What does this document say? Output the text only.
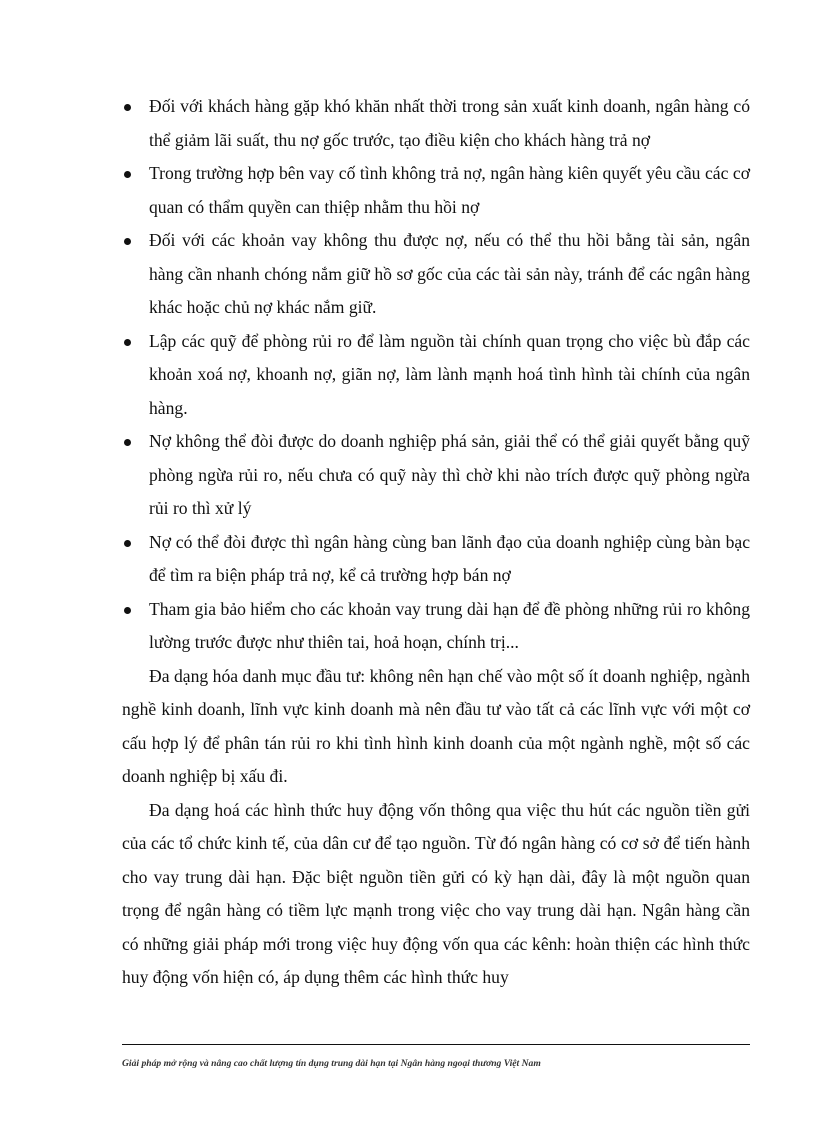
Đối với khách hàng gặp khó khăn nhất thời trong sản xuất kinh doanh, ngân hàng có thể giảm lãi suất, thu nợ gốc trước, tạo điều kiện cho khách hàng trả nợ
Trong trường hợp bên vay cố tình không trả nợ, ngân hàng kiên quyết yêu cầu các cơ quan có thẩm quyền can thiệp nhằm thu hồi nợ
Đối với các khoản vay không thu được nợ, nếu có thể thu hồi bằng tài sản, ngân hàng cần nhanh chóng nắm giữ hồ sơ gốc của các tài sản này, tránh để các ngân hàng khác hoặc chủ nợ khác nắm giữ.
Lập các quỹ để phòng rủi ro để làm nguồn tài chính quan trọng cho việc bù đắp các khoản xoá nợ, khoanh nợ, giãn nợ, làm lành mạnh hoá tình hình tài chính của ngân hàng.
Nợ không thể đòi được do doanh nghiệp phá sản, giải thể có thể giải quyết bằng quỹ phòng ngừa rủi ro, nếu chưa có quỹ này thì chờ khi nào trích được quỹ phòng ngừa rủi ro thì xử lý
Nợ có thể đòi được thì ngân hàng cùng ban lãnh đạo của doanh nghiệp cùng bàn bạc để tìm ra biện pháp trả nợ, kể cả trường hợp bán nợ
Tham gia bảo hiểm cho các khoản vay trung dài hạn để đề phòng những rủi ro không lường trước được như thiên tai, hoả hoạn, chính trị...

Đa dạng hóa danh mục đầu tư: không nên hạn chế vào một số ít doanh nghiệp, ngành nghề kinh doanh, lĩnh vực kinh doanh mà nên đầu tư vào tất cả các lĩnh vực với một cơ cấu hợp lý để phân tán rủi ro khi tình hình kinh doanh của một ngành nghề, một số các doanh nghiệp bị xấu đi.

Đa dạng hoá các hình thức huy động vốn thông qua việc thu hút các nguồn tiền gửi của các tổ chức kinh tế, của dân cư để tạo nguồn. Từ đó ngân hàng có cơ sở để tiến hành cho vay trung dài hạn. Đặc biệt nguồn tiền gửi có kỳ hạn dài, đây là một nguồn quan trọng để ngân hàng có tiềm lực mạnh trong việc cho vay trung dài hạn. Ngân hàng cần có những giải pháp mới trong việc huy động vốn qua các kênh: hoàn thiện các hình thức huy động vốn hiện có, áp dụng thêm các hình thức huy

Giải pháp mở rộng và nâng cao chất lượng tín dụng trung dài hạn tại Ngân hàng ngoại thương Việt Nam
